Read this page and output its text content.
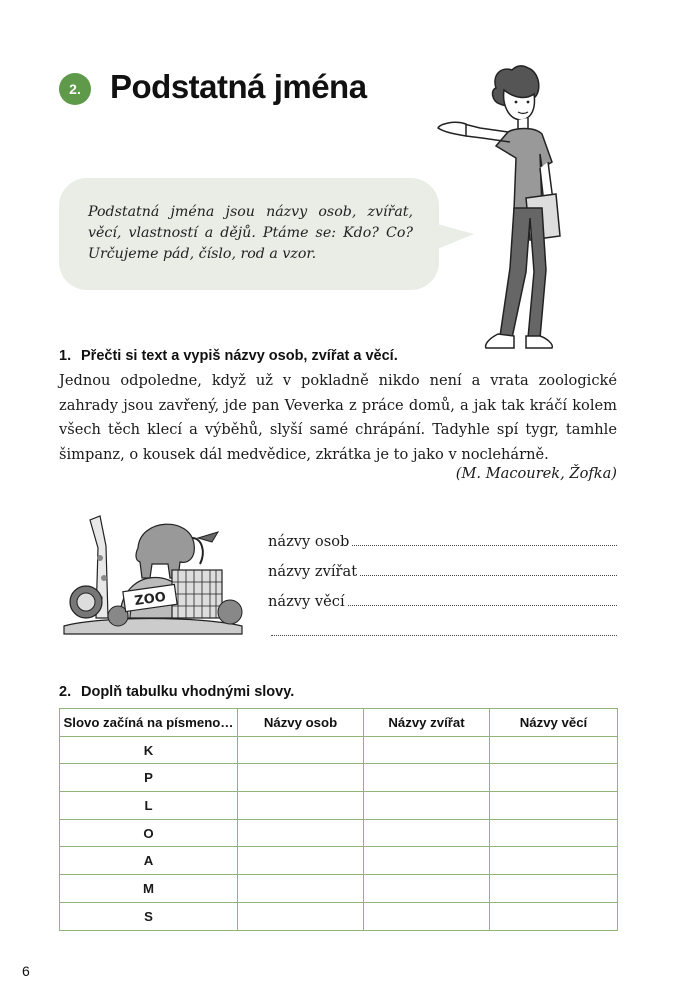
2. Podstatná jména

Podstatná jména jsou názvy osob, zvířat, věcí, vlastností a dějů. Ptáme se: Kdo? Co? Určujeme pád, číslo, rod a vzor.

1. Přečti si text a vypiš názvy osob, zvířat a věcí.

Jednou odpoledne, když už v pokladně nikdo není a vrata zoologické zahrady jsou zavřený, jde pan Veverka z práce domů, a jak tak kráčí kolem všech těch klecí a výběhů, slyší samé chrápání. Tadyhle spí tygr, tamhle šimpanz, o kousek dál medvědice, zkrátka je to jako v noclehárně.

(M. Macourek, Žofka)

ZOO
názvy osob
názvy zvířat
názvy věcí

2. Doplň tabulku vhodnými slovy.

Slovo začíná na písmeno…	Názvy osob	Názvy zvířat	Názvy věcí
K			
P			
L			
O			
A			
M			
S			
6
